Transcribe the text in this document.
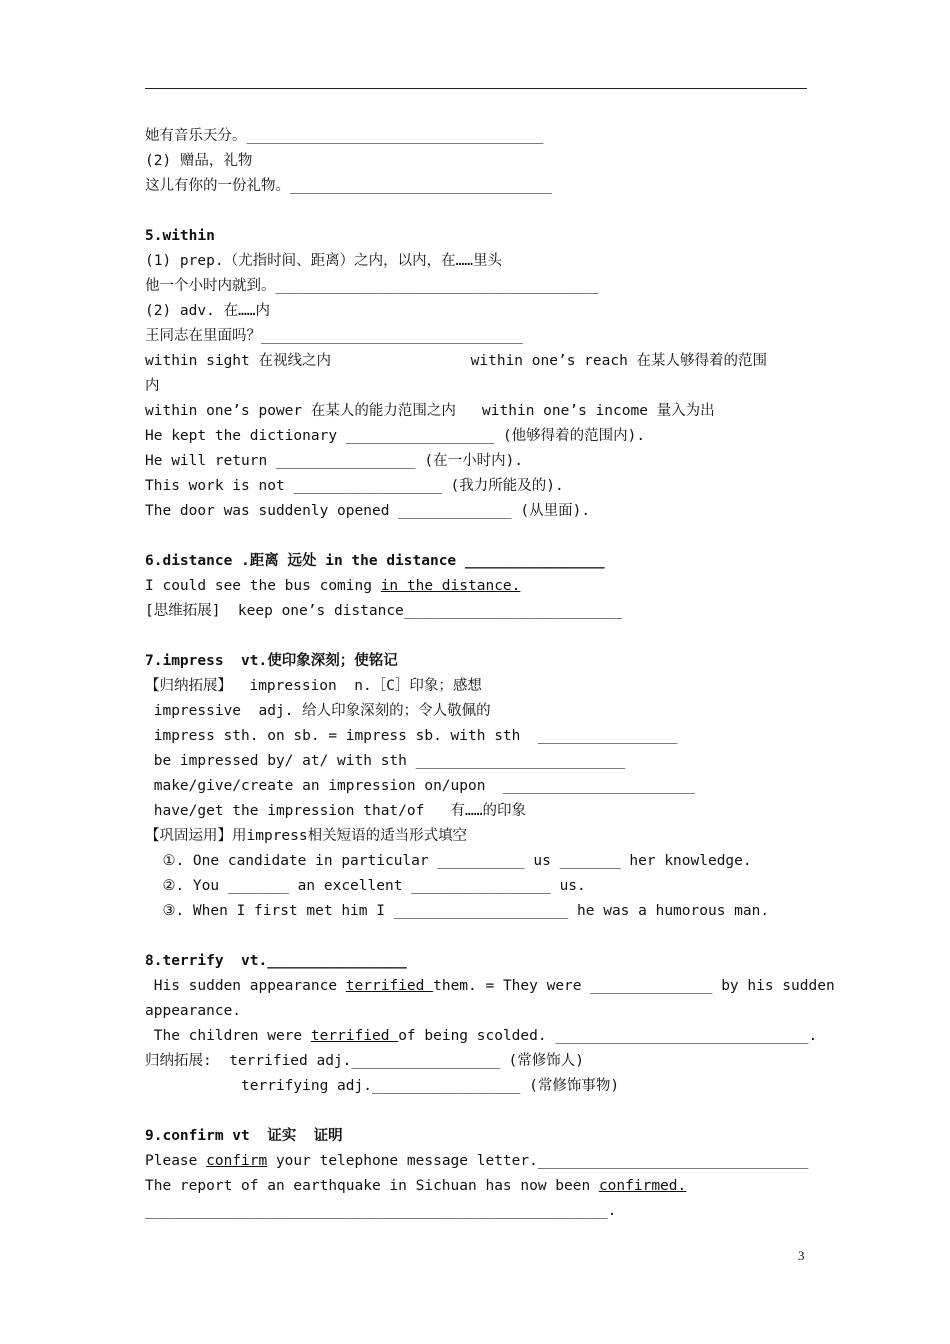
她有音乐天分。__________________________________
(2) 赠品，礼物
这儿有你的一份礼物。______________________________
5.within
(1) prep.（尤指时间、距离）之内，以内，在……里头
他一个小时内就到。_____________________________________
(2) adv. 在……内
王同志在里面吗？______________________________
within sight 在视线之内                within one’s reach 在某人够得着的范围
内
within one’s power 在某人的能力范围之内   within one’s income 量入为出
He kept the dictionary _________________ (他够得着的范围内).
He will return ________________ (在一小时内).
This work is not _________________ (我力所能及的).
The door was suddenly opened _____________ (从里面).
6.distance .距离 远处 in the distance ________________
I could see the bus coming in the distance.
[思维拓展]  keep one’s distance_________________________
7.impress  vt.使印象深刻；使铭记
【归纳拓展】  impression  n.［C］印象；感想
impressive  adj. 给人印象深刻的；令人敬佩的
impress sth. on sb. = impress sb. with sth  ________________
be impressed by/ at/ with sth ________________________
make/give/create an impression on/upon  ______________________
have/get the impression that/of   有……的印象
【巩固运用】用impress相关短语的适当形式填空
①. One candidate in particular __________ us _______ her knowledge.
②. You _______ an excellent ________________ us.
③. When I first met him I ____________________ he was a humorous man.
8.terrify  vt.________________
His sudden appearance terrified them. = They were ______________ by his sudden
appearance.
The children were terrified of being scolded. _____________________________.
归纳拓展:  terrified adj._________________ (常修饰人)
terrifying adj._________________ (常修饰事物)
9.confirm vt  证实  证明
Please confirm your telephone message letter._______________________________
The report of an earthquake in Sichuan has now been confirmed.
_____________________________________________________.
3
